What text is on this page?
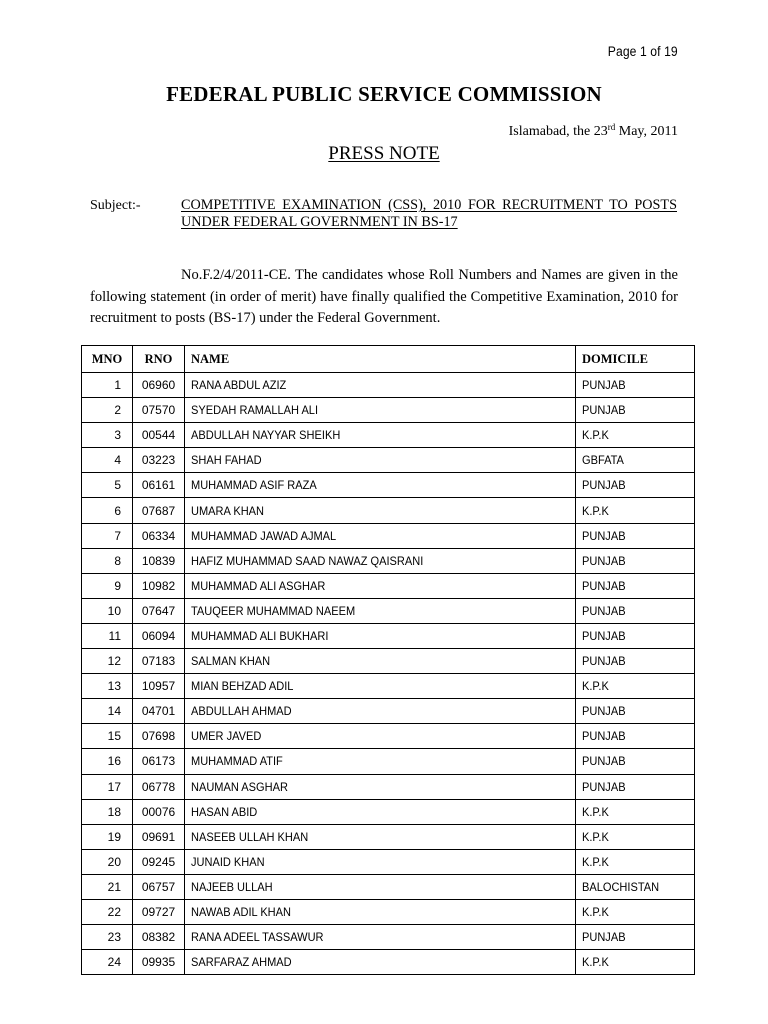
Page 1 of 19
FEDERAL PUBLIC SERVICE COMMISSION
Islamabad, the 23rd May, 2011
PRESS NOTE
Subject:-	COMPETITIVE EXAMINATION (CSS), 2010 FOR RECRUITMENT TO POSTS UNDER FEDERAL GOVERNMENT IN BS-17
No.F.2/4/2011-CE. The candidates whose Roll Numbers and Names are given in the following statement (in order of merit) have finally qualified the Competitive Examination, 2010 for recruitment to posts (BS-17) under the Federal Government.
MNO	RNO	NAME	DOMICILE
1	06960	RANA ABDUL AZIZ	PUNJAB
2	07570	SYEDAH RAMALLAH ALI	PUNJAB
3	00544	ABDULLAH NAYYAR SHEIKH	K.P.K
4	03223	SHAH FAHAD	GBFATA
5	06161	MUHAMMAD ASIF RAZA	PUNJAB
6	07687	UMARA KHAN	K.P.K
7	06334	MUHAMMAD JAWAD AJMAL	PUNJAB
8	10839	HAFIZ MUHAMMAD SAAD NAWAZ QAISRANI	PUNJAB
9	10982	MUHAMMAD ALI ASGHAR	PUNJAB
10	07647	TAUQEER MUHAMMAD NAEEM	PUNJAB
11	06094	MUHAMMAD ALI BUKHARI	PUNJAB
12	07183	SALMAN KHAN	PUNJAB
13	10957	MIAN BEHZAD ADIL	K.P.K
14	04701	ABDULLAH AHMAD	PUNJAB
15	07698	UMER JAVED	PUNJAB
16	06173	MUHAMMAD ATIF	PUNJAB
17	06778	NAUMAN ASGHAR	PUNJAB
18	00076	HASAN ABID	K.P.K
19	09691	NASEEB ULLAH KHAN	K.P.K
20	09245	JUNAID KHAN	K.P.K
21	06757	NAJEEB ULLAH	BALOCHISTAN
22	09727	NAWAB ADIL KHAN	K.P.K
23	08382	RANA ADEEL TASSAWUR	PUNJAB
24	09935	SARFARAZ AHMAD	K.P.K
